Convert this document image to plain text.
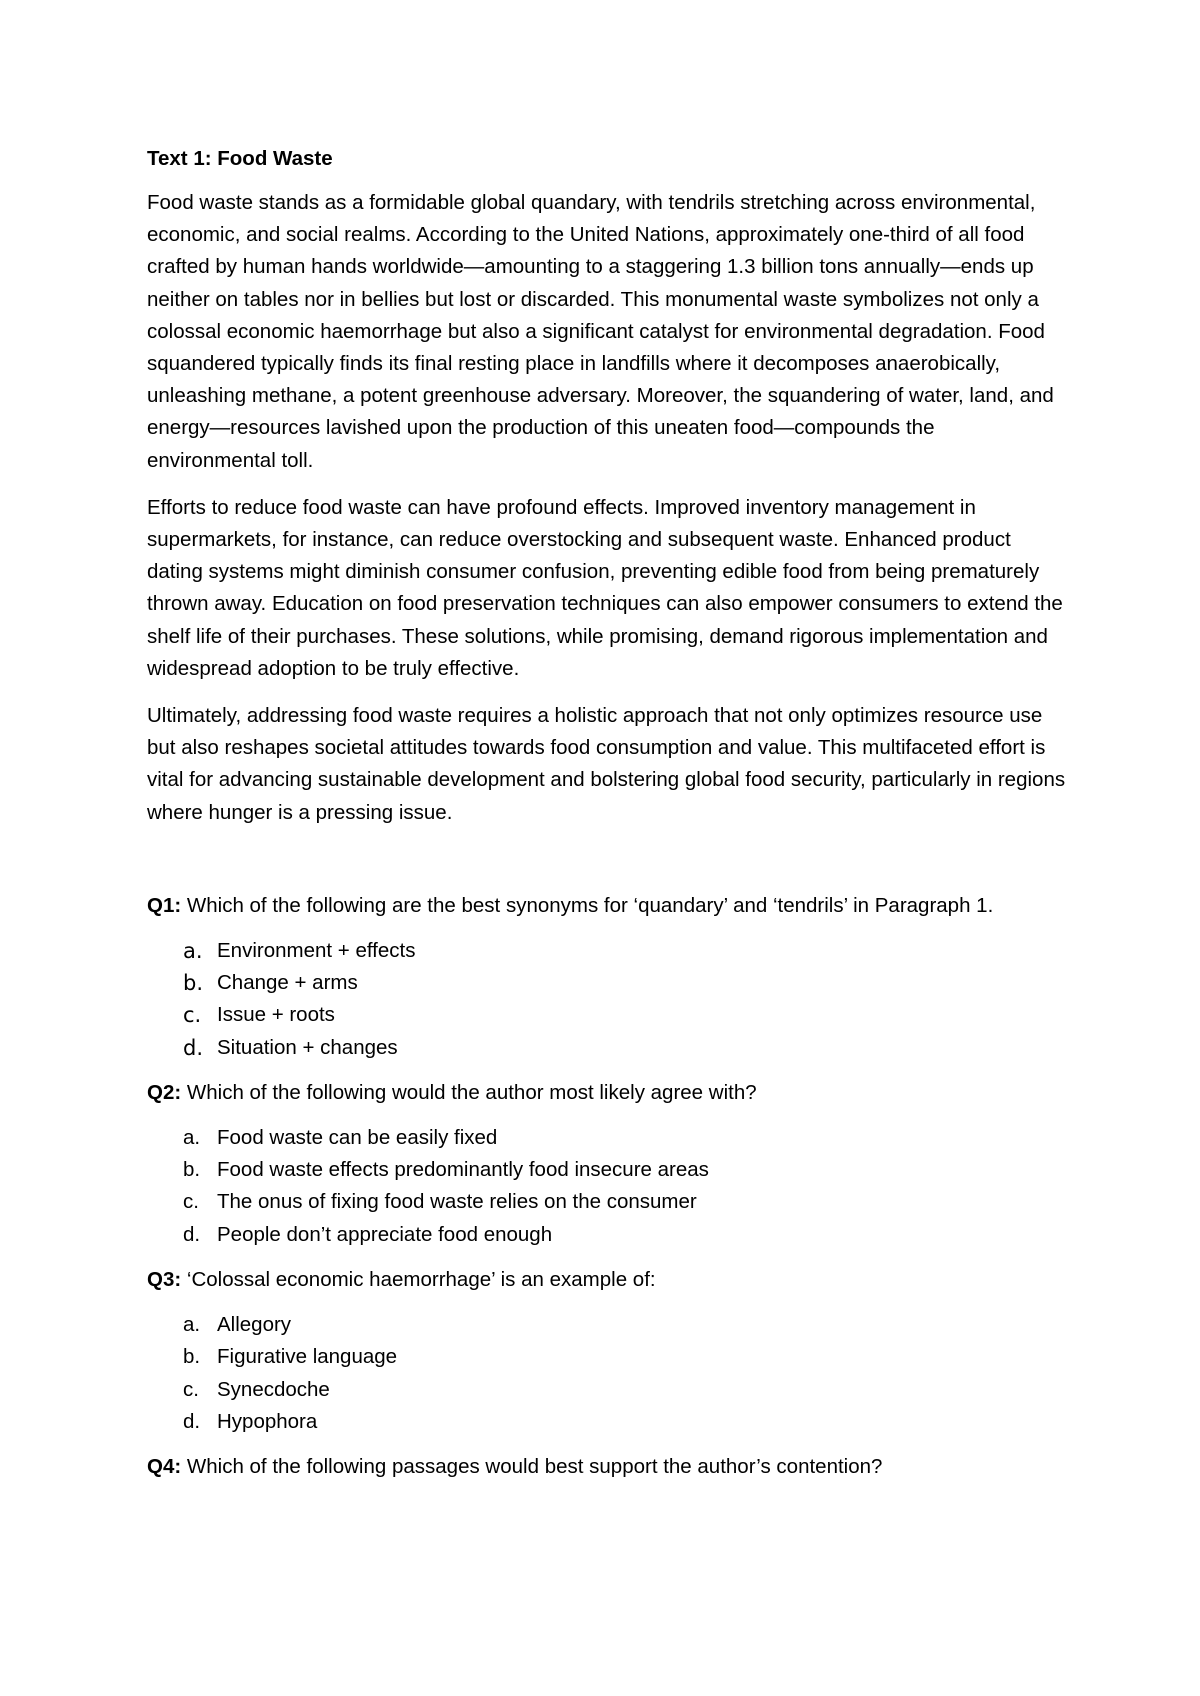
Text 1: Food Waste

Food waste stands as a formidable global quandary, with tendrils stretching across environmental, economic, and social realms. According to the United Nations, approximately one-third of all food crafted by human hands worldwide—amounting to a staggering 1.3 billion tons annually—ends up neither on tables nor in bellies but lost or discarded. This monumental waste symbolizes not only a colossal economic haemorrhage but also a significant catalyst for environmental degradation. Food squandered typically finds its final resting place in landfills where it decomposes anaerobically, unleashing methane, a potent greenhouse adversary. Moreover, the squandering of water, land, and energy—resources lavished upon the production of this uneaten food—compounds the environmental toll.

Efforts to reduce food waste can have profound effects. Improved inventory management in supermarkets, for instance, can reduce overstocking and subsequent waste. Enhanced product dating systems might diminish consumer confusion, preventing edible food from being prematurely thrown away. Education on food preservation techniques can also empower consumers to extend the shelf life of their purchases. These solutions, while promising, demand rigorous implementation and widespread adoption to be truly effective.

Ultimately, addressing food waste requires a holistic approach that not only optimizes resource use but also reshapes societal attitudes towards food consumption and value. This multifaceted effort is vital for advancing sustainable development and bolstering global food security, particularly in regions where hunger is a pressing issue.

Q1: Which of the following are the best synonyms for ‘quandary’ and ‘tendrils’ in Paragraph 1.
a. Environment + effects
b. Change + arms
c. Issue + roots
d. Situation + changes
Q2: Which of the following would the author most likely agree with?
a. Food waste can be easily fixed
b. Food waste effects predominantly food insecure areas
c. The onus of fixing food waste relies on the consumer
d. People don’t appreciate food enough
Q3: ‘Colossal economic haemorrhage’ is an example of:
a. Allegory
b. Figurative language
c. Synecdoche
d. Hypophora
Q4: Which of the following passages would best support the author’s contention?
